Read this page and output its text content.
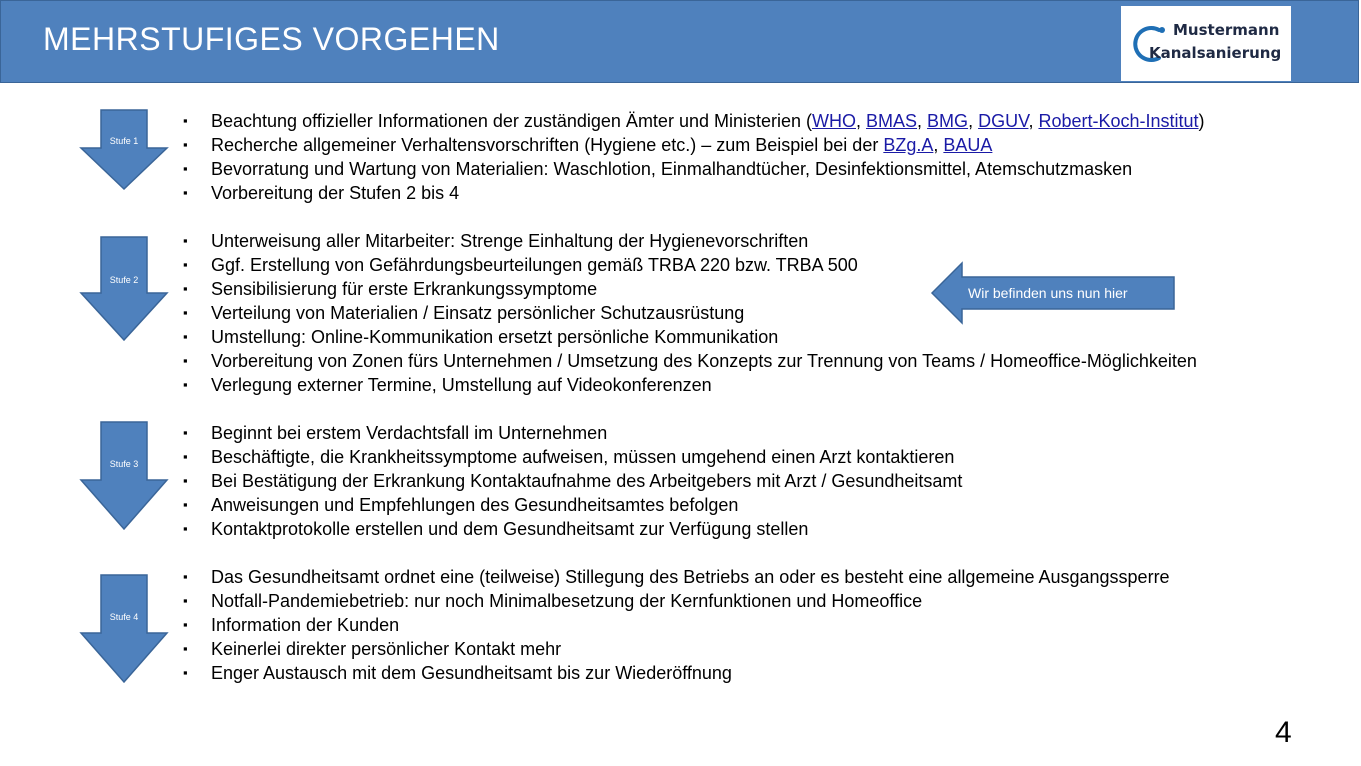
MEHRSTUFIGES VORGEHEN	Mustermann
Kanalsanierung
Stufe 1
Stufe 2
Stufe 3
Stufe 4
▪ Beachtung offizieller Informationen der zuständigen Ämter und Ministerien (WHO, BMAS, BMG, DGUV, Robert-Koch-Institut)
▪ Recherche allgemeiner Verhaltensvorschriften (Hygiene etc.) – zum Beispiel bei der BZg.A, BAUA
▪ Bevorratung und Wartung von Materialien: Waschlotion, Einmalhandtücher, Desinfektionsmittel, Atemschutzmasken
▪ Vorbereitung der Stufen 2 bis 4
▪ Unterweisung aller Mitarbeiter: Strenge Einhaltung der Hygienevorschriften
▪ Ggf. Erstellung von Gefährdungsbeurteilungen gemäß TRBA 220 bzw. TRBA 500
▪ Sensibilisierung für erste Erkrankungssymptome
▪ Verteilung von Materialien / Einsatz persönlicher Schutzausrüstung
▪ Umstellung: Online-Kommunikation ersetzt persönliche Kommunikation
▪ Vorbereitung von Zonen fürs Unternehmen / Umsetzung des Konzepts zur Trennung von Teams / Homeoffice-Möglichkeiten
▪ Verlegung externer Termine, Umstellung auf Videokonferenzen
▪ Beginnt bei erstem Verdachtsfall im Unternehmen
▪ Beschäftigte, die Krankheitssymptome aufweisen, müssen umgehend einen Arzt kontaktieren
▪ Bei Bestätigung der Erkrankung Kontaktaufnahme des Arbeitgebers mit Arzt / Gesundheitsamt
▪ Anweisungen und Empfehlungen des Gesundheitsamtes befolgen
▪ Kontaktprotokolle erstellen und dem Gesundheitsamt zur Verfügung stellen
▪ Das Gesundheitsamt ordnet eine (teilweise) Stillegung des Betriebs an oder es besteht eine allgemeine Ausgangssperre
▪ Notfall-Pandemiebetrieb: nur noch Minimalbesetzung der Kernfunktionen und Homeoffice
▪ Information der Kunden
▪ Keinerlei direkter persönlicher Kontakt mehr
▪ Enger Austausch mit dem Gesundheitsamt bis zur Wiederöffnung
Wir befinden uns nun hier
4
